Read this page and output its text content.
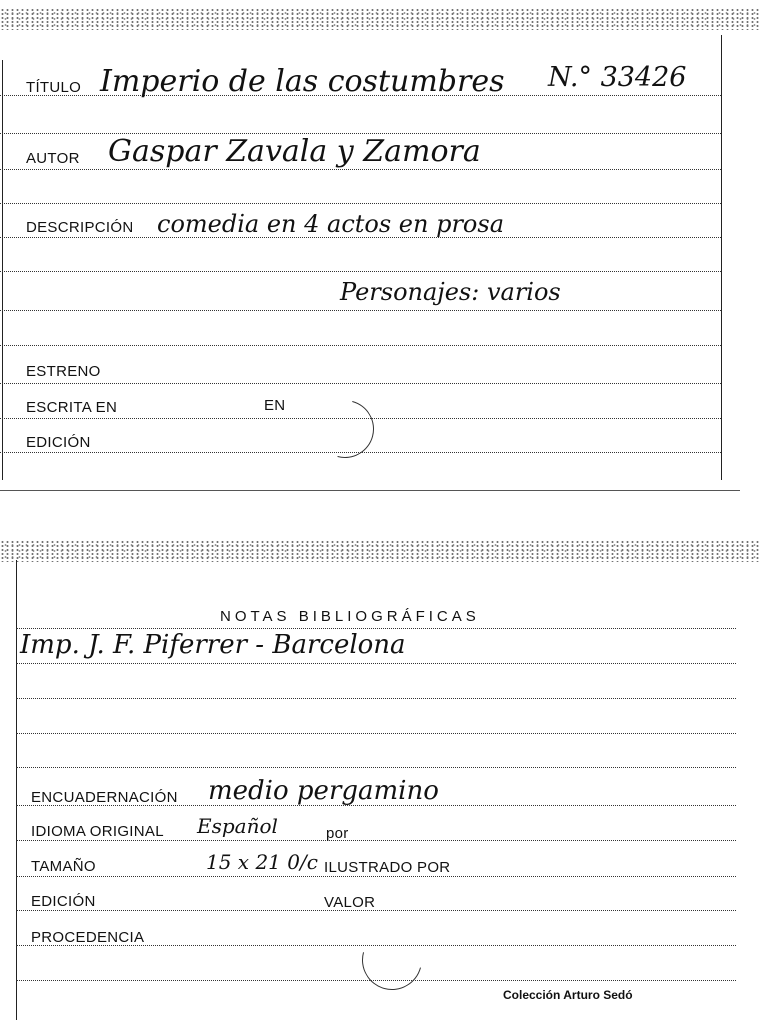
TÍTULO Imperio de las costumbres N.° 33426
AUTOR Gaspar Zavala y Zamora
DESCRIPCIÓN comedia en 4 actos en prosa
Personajes: varios
ESTRENO
ESCRITA EN	EN
EDICIÓN
NOTAS BIBLIOGRÁFICAS
Imp. J. F. Piferrer - Barcelona
ENCUADERNACIÓN medio pergamino
IDIOMA ORIGINAL Español	por
TAMAÑO	15 x 21 0/c ILUSTRADO POR
EDICIÓN	VALOR
PROCEDENCIA
Colección Arturo Sedó
